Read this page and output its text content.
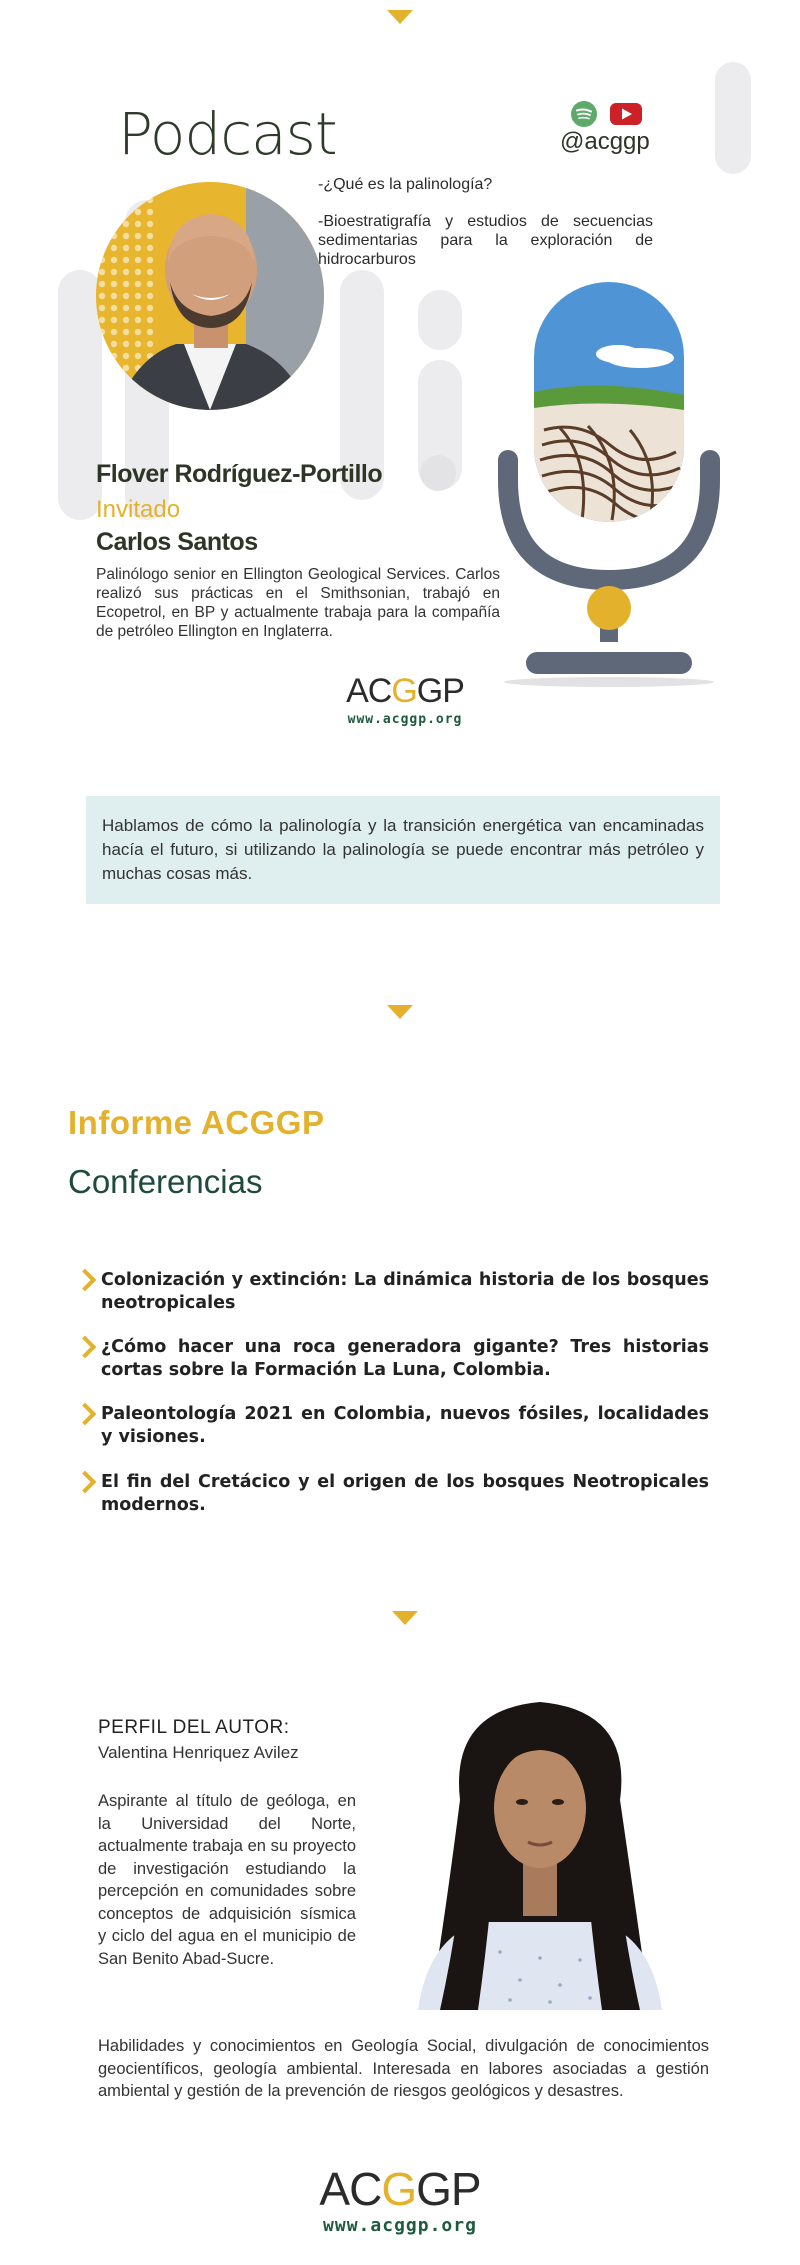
Podcast	@acggp
-¿Qué es la palinología?
-Bioestratigrafía y estudios de secuencias sedimentarias para la exploración de hidrocarburos
Flover Rodríguez-Portillo
Invitado
Carlos Santos
Palinólogo senior en Ellington Geological Services. Carlos realizó sus prácticas en el Smithsonian, trabajó en Ecopetrol, en BP y actualmente trabaja para la compañía de petróleo Ellington en Inglaterra.
ACGGP
www.acggp.org
Hablamos de cómo la palinología y la transición energética van encaminadas hacía el futuro, si utilizando la palinología se puede encontrar más petróleo y muchas cosas más.
Informe ACGGP
Conferencias
Colonización y extinción: La dinámica historia de los bosques neotropicales
¿Cómo hacer una roca generadora gigante? Tres historias cortas sobre la Formación La Luna, Colombia.
Paleontología 2021 en Colombia, nuevos fósiles, localidades y visiones.
El fin del Cretácico y el origen de los bosques Neotropicales modernos.
PERFIL DEL AUTOR:
Valentina Henriquez Avilez
Aspirante al título de geóloga, en la Universidad del Norte, actualmente trabaja en su proyecto de investigación estudiando la percepción en comunidades sobre conceptos de adquisición sísmica y ciclo del agua en el municipio de San Benito Abad-Sucre.
Habilidades y conocimientos en Geología Social, divulgación de conocimientos geocientíficos, geología ambiental. Interesada en labores asociadas a gestión ambiental y gestión de la prevención de riesgos geológicos y desastres.
ACGGP
www.acggp.org
